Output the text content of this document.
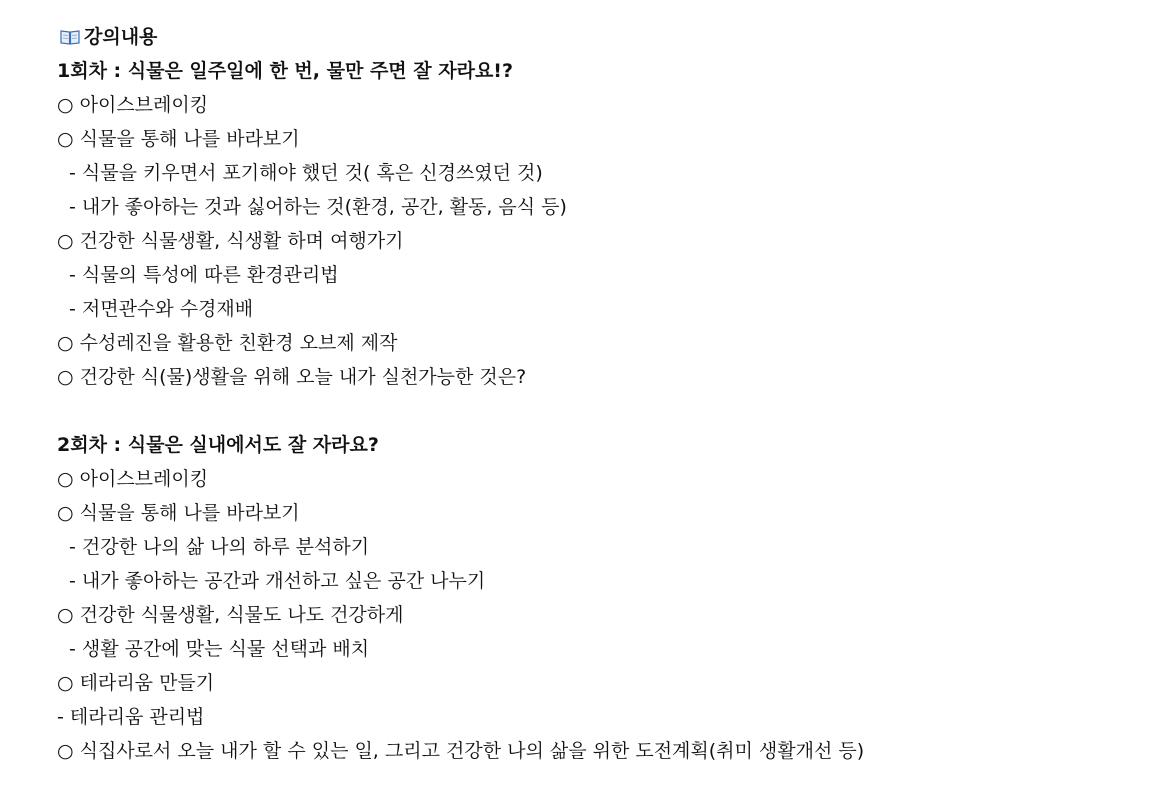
강의내용
1회차 : 식물은 일주일에 한 번, 물만 주면 잘 자라요!?
○ 아이스브레이킹
○ 식물을 통해 나를 바라보기
- 식물을 키우면서 포기해야 했던 것( 혹은 신경쓰였던 것)
- 내가 좋아하는 것과 싫어하는 것(환경, 공간, 활동, 음식 등)
○ 건강한 식물생활, 식생활 하며 여행가기
- 식물의 특성에 따른 환경관리법
- 저면관수와 수경재배
○ 수성레진을 활용한 친환경 오브제 제작
○ 건강한 식(물)생활을 위해 오늘 내가 실천가능한 것은?
2회차 : 식물은 실내에서도 잘 자라요?
○ 아이스브레이킹
○ 식물을 통해 나를 바라보기
- 건강한 나의 삶 나의 하루 분석하기
- 내가 좋아하는 공간과 개선하고 싶은 공간 나누기
○ 건강한 식물생활, 식물도 나도 건강하게
- 생활 공간에 맞는 식물 선택과 배치
○ 테라리움 만들기
- 테라리움 관리법
○ 식집사로서 오늘 내가 할 수 있는 일, 그리고 건강한 나의 삶을 위한 도전계획(취미 생활개선 등)
